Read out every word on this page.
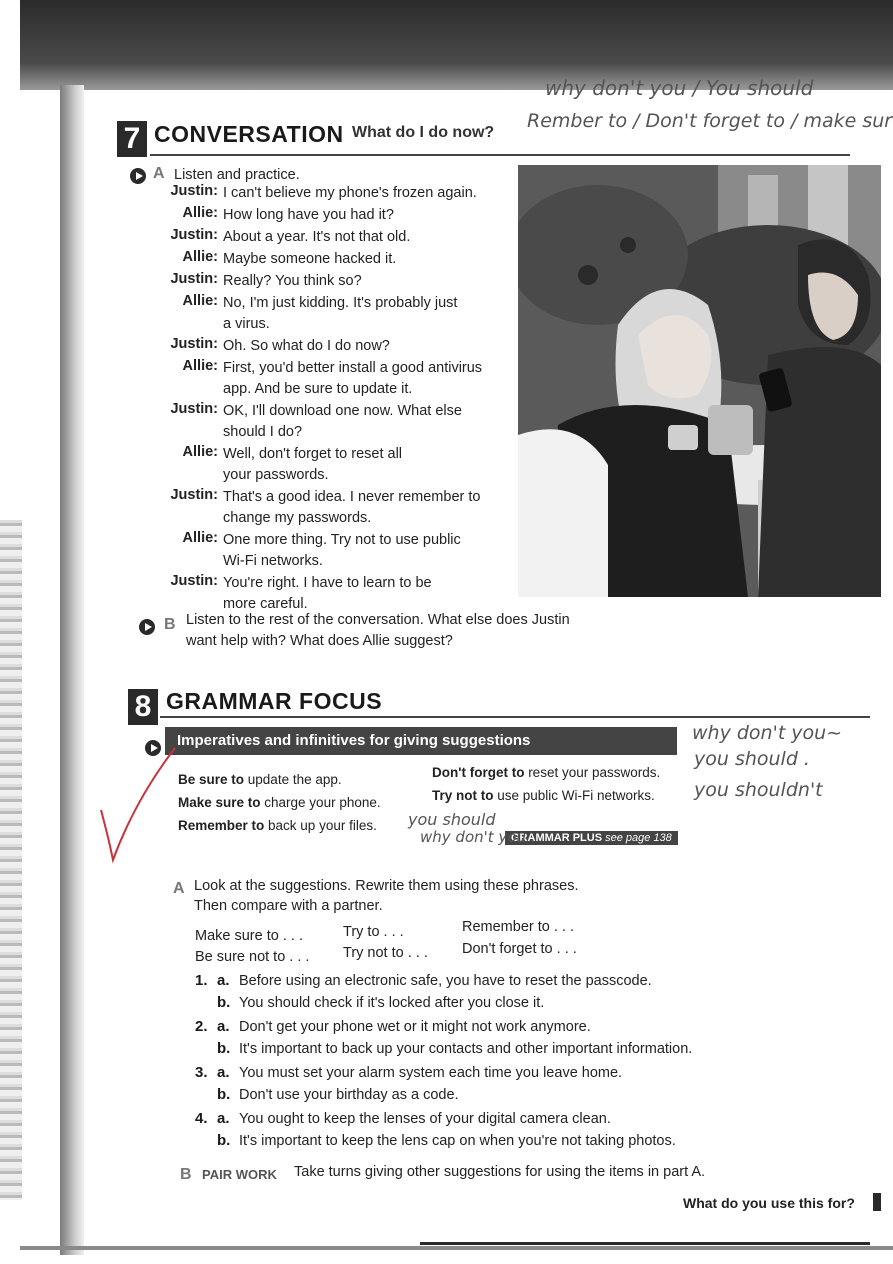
why don't you / You should
Rember to / Don't forget to / make sur
7 CONVERSATION What do I do now?
A Listen and practice.
Justin: I can't believe my phone's frozen again.
Allie: How long have you had it?
Justin: About a year. It's not that old.
Allie: Maybe someone hacked it.
Justin: Really? You think so?
Allie: No, I'm just kidding. It's probably just
a virus.
Justin: Oh. So what do I do now?
Allie: First, you'd better install a good antivirus
app. And be sure to update it.
Justin: OK, I'll download one now. What else
should I do?
Allie: Well, don't forget to reset all
your passwords.
Justin: That's a good idea. I never remember to
change my passwords.
Allie: One more thing. Try not to use public
Wi-Fi networks.
Justin: You're right. I have to learn to be
more careful.
B Listen to the rest of the conversation. What else does Justin
want help with? What does Allie suggest?
8 GRAMMAR FOCUS
Imperatives and infinitives for giving suggestions
Be sure to update the app.
Make sure to charge your phone.
Remember to back up your files.
Don't forget to reset your passwords.
Try not to use public Wi-Fi networks.
GRAMMAR PLUS see page 138
you should
why don't you .
why don't you~
you should .
you shouldn't
A Look at the suggestions. Rewrite them using these phrases.
Then compare with a partner.
Make sure to . . .
Be sure not to . . .
Try to . . .
Try not to . . .
Remember to . . .
Don't forget to . . .
1. a. Before using an electronic safe, you have to reset the passcode.
b. You should check if it's locked after you close it.
2. a. Don't get your phone wet or it might not work anymore.
b. It's important to back up your contacts and other important information.
3. a. You must set your alarm system each time you leave home.
b. Don't use your birthday as a code.
4. a. You ought to keep the lenses of your digital camera clean.
b. It's important to keep the lens cap on when you're not taking photos.
B PAIR WORK Take turns giving other suggestions for using the items in part A.
What do you use this for?
